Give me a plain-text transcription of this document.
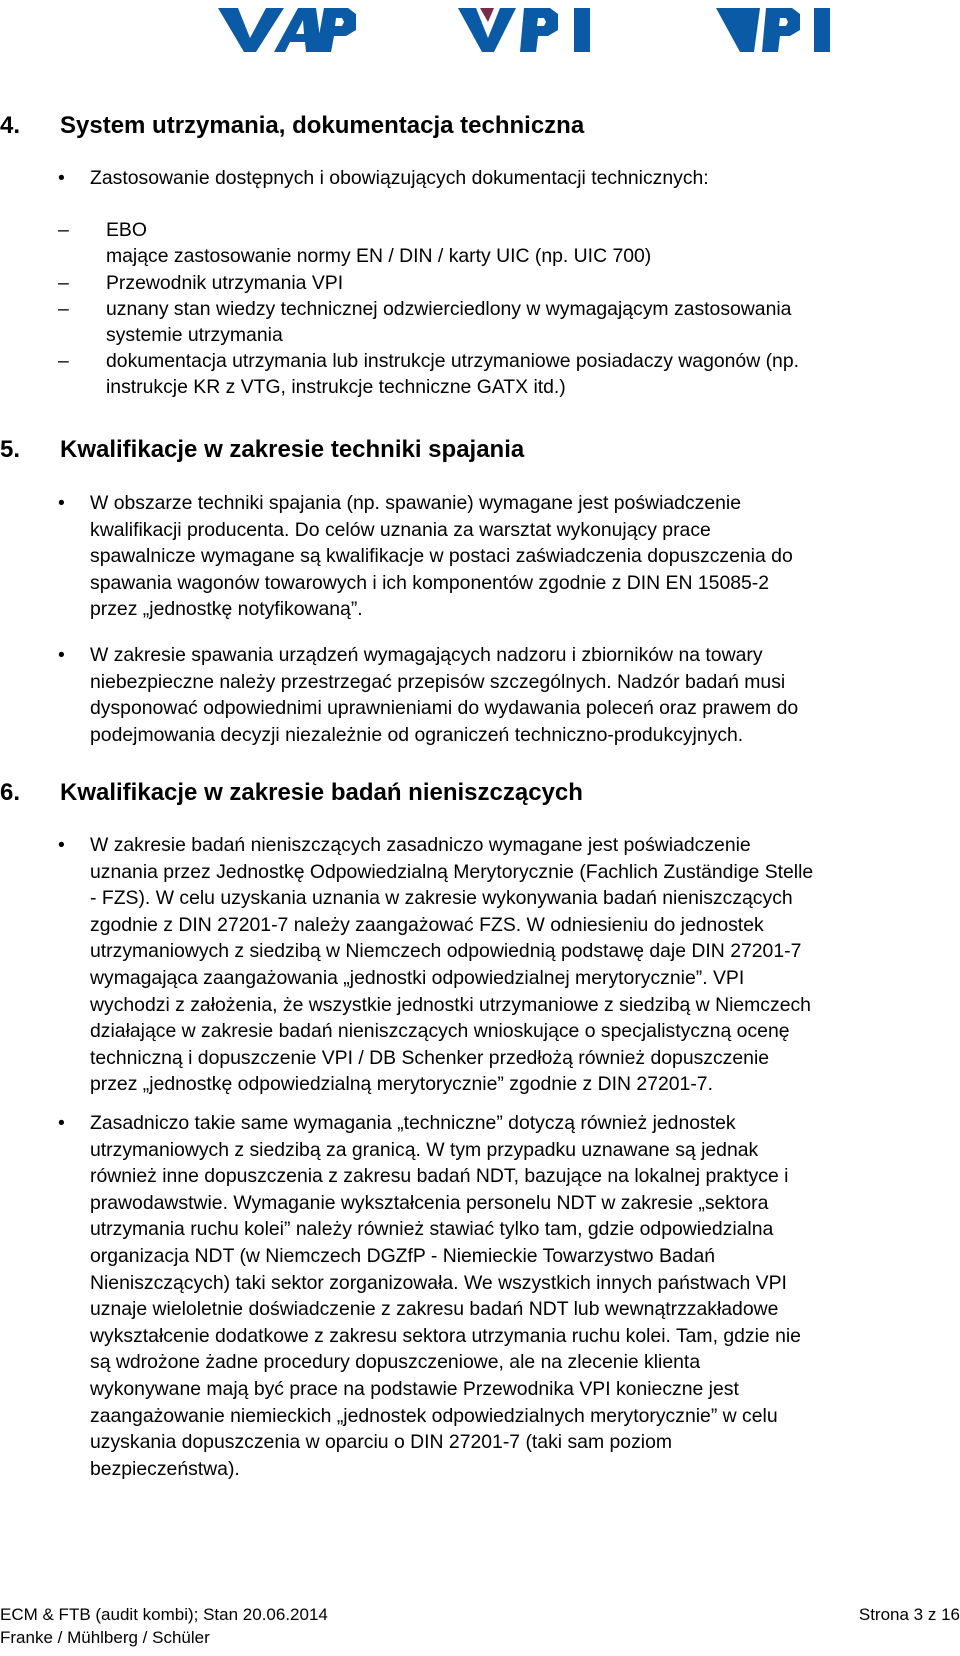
4. System utrzymania, dokumentacja techniczna
•	Zastosowanie dostępnych i obowiązujących dokumentacji technicznych:
–	EBO
mające zastosowanie normy EN / DIN / karty UIC (np. UIC 700)
–	Przewodnik utrzymania VPI
–	uznany stan wiedzy technicznej odzwierciedlony w wymagającym zastosowania
systemie utrzymania
–	dokumentacja utrzymania lub instrukcje utrzymaniowe posiadaczy wagonów (np.
instrukcje KR z VTG, instrukcje techniczne GATX itd.)
5. Kwalifikacje w zakresie techniki spajania
•	W obszarze techniki spajania (np. spawanie) wymagane jest poświadczenie
kwalifikacji producenta. Do celów uznania za warsztat wykonujący prace
spawalnicze wymagane są kwalifikacje w postaci zaświadczenia dopuszczenia do
spawania wagonów towarowych i ich komponentów zgodnie z DIN EN 15085-2
przez „jednostkę notyfikowaną”.
•	W zakresie spawania urządzeń wymagających nadzoru i zbiorników na towary
niebezpieczne należy przestrzegać przepisów szczególnych. Nadzór badań musi
dysponować odpowiednimi uprawnieniami do wydawania poleceń oraz prawem do
podejmowania decyzji niezależnie od ograniczeń techniczno-produkcyjnych.
6. Kwalifikacje w zakresie badań nieniszczących
•	W zakresie badań nieniszczących zasadniczo wymagane jest poświadczenie
uznania przez Jednostkę Odpowiedzialną Merytorycznie (Fachlich Zuständige Stelle
- FZS). W celu uzyskania uznania w zakresie wykonywania badań nieniszczących
zgodnie z DIN 27201-7 należy zaangażować FZS. W odniesieniu do jednostek
utrzymaniowych z siedzibą w Niemczech odpowiednią podstawę daje DIN 27201-7
wymagająca zaangażowania „jednostki odpowiedzialnej merytorycznie”. VPI
wychodzi z założenia, że wszystkie jednostki utrzymaniowe z siedzibą w Niemczech
działające w zakresie badań nieniszczących wnioskujące o specjalistyczną ocenę
techniczną i dopuszczenie VPI / DB Schenker przedłożą również dopuszczenie
przez „jednostkę odpowiedzialną merytorycznie” zgodnie z DIN 27201-7.
•	Zasadniczo takie same wymagania „techniczne” dotyczą również jednostek
utrzymaniowych z siedzibą za granicą. W tym przypadku uznawane są jednak
również inne dopuszczenia z zakresu badań NDT, bazujące na lokalnej praktyce i
prawodawstwie. Wymaganie wykształcenia personelu NDT w zakresie „sektora
utrzymania ruchu kolei” należy również stawiać tylko tam, gdzie odpowiedzialna
organizacja NDT (w Niemczech DGZfP - Niemieckie Towarzystwo Badań
Nieniszczących) taki sektor zorganizowała. We wszystkich innych państwach VPI
uznaje wieloletnie doświadczenie z zakresu badań NDT lub wewnątrzzakładowe
wykształcenie dodatkowe z zakresu sektora utrzymania ruchu kolei. Tam, gdzie nie
są wdrożone żadne procedury dopuszczeniowe, ale na zlecenie klienta
wykonywane mają być prace na podstawie Przewodnika VPI konieczne jest
zaangażowanie niemieckich „jednostek odpowiedzialnych merytorycznie” w celu
uzyskania dopuszczenia w oparciu o DIN 27201-7 (taki sam poziom
bezpieczeństwa).
ECM & FTB (audit kombi); Stan 20.06.2014
Franke / Mühlberg / Schüler
Strona 3 z 16
